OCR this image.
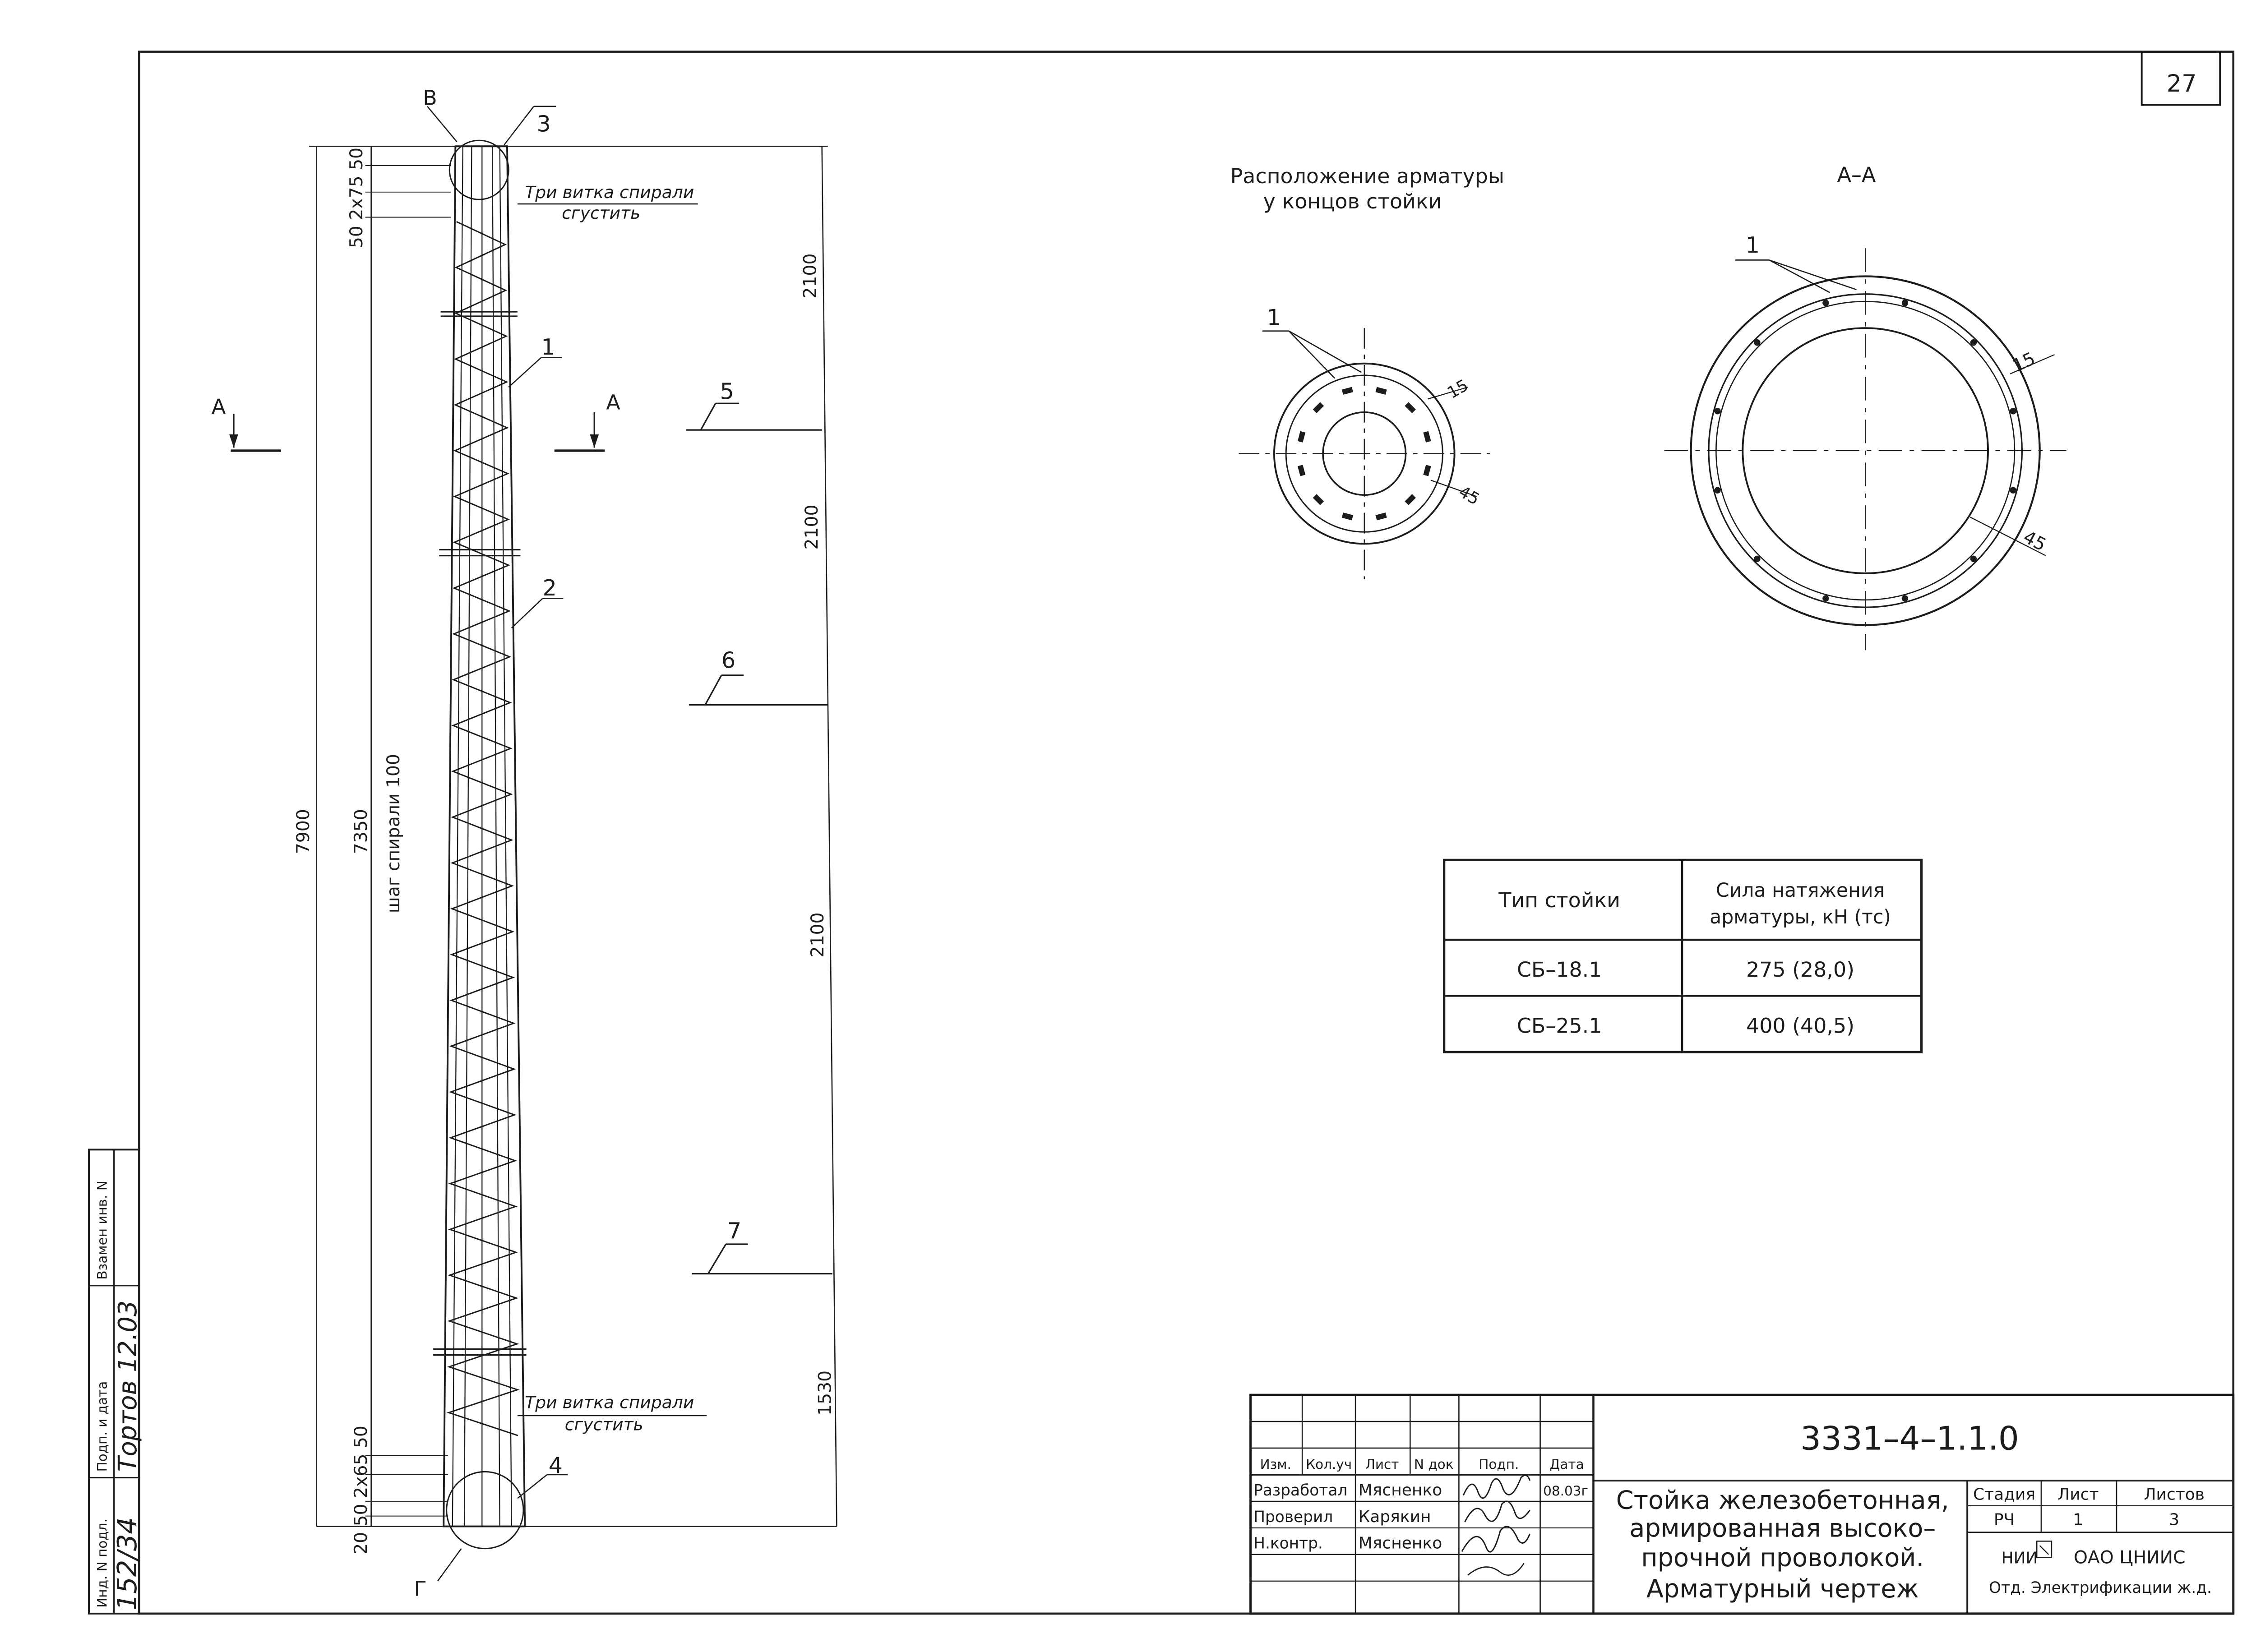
27
Инд. N подл.
Подп. и дата
Взамен инв. N
152/34
Тортов 12.03
В
Г
А	А
3
1
2
4
5
6
7
Три витка спирали
сгустить
Три витка спирали
сгустить
7900	7350 шаг спирали 100
50 2x75 50
20 50 2х65 50
2100
2100
2100
1530
Расположение арматуры
у концов стойки
1
15
45
А–А
1
15
45
Тип стойки	Сила натяжения
арматуры, кН (тс)
СБ–18.1	275 (28,0)
СБ–25.1	400 (40,5)
Изм.	Кол.уч	Лист	N док	Подп.	Дата
Разработал Мясненко	08.03г
Проверил	Карякин
Н.контр.	Мясненко
3331–4–1.1.0
Стойка железобетонная,
армированная высоко–
прочной проволокой.
Арматурный чертеж
Стадия	Лист	Листов
РЧ	1	3
НИИ	ОАО ЦНИИС
Отд. Электрификации ж.д.
